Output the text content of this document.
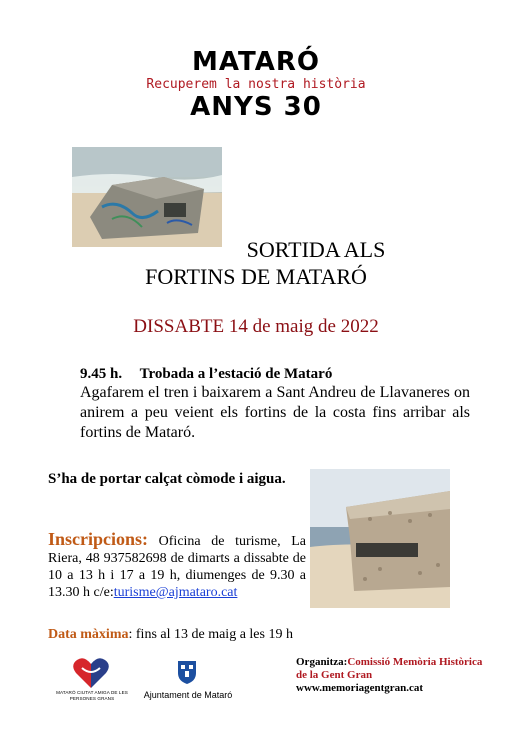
MATARÓ
Recuperem la nostra història
ANYS 30
SORTIDA ALS
FORTINS DE MATARÓ
DISSABTE 14 de maig de 2022
9.45 h. Trobada a l’estació de Mataró
Agafarem el tren i baixarem a Sant Andreu de Llavaneres on anirem a peu veient els fortins de la costa fins arribar als fortins de Mataró.
S’ha de portar calçat còmode i aigua.
Inscripcions: Oficina de turisme, La Riera, 48 937582698 de dimarts a dissabte de 10 a 13 h i 17 a 19 h, diumenges de 9.30 a 13.30 h c/e:turisme@ajmataro.cat
Data màxima: fins al 13 de maig a les 19 h
MATARÓ CIUTAT AMIGA DE LES PERSONES GRANS	Ajuntament de Mataró
Organitza:Comissió Memòria Històrica de la Gent Gran
www.memoriagentgran.cat
